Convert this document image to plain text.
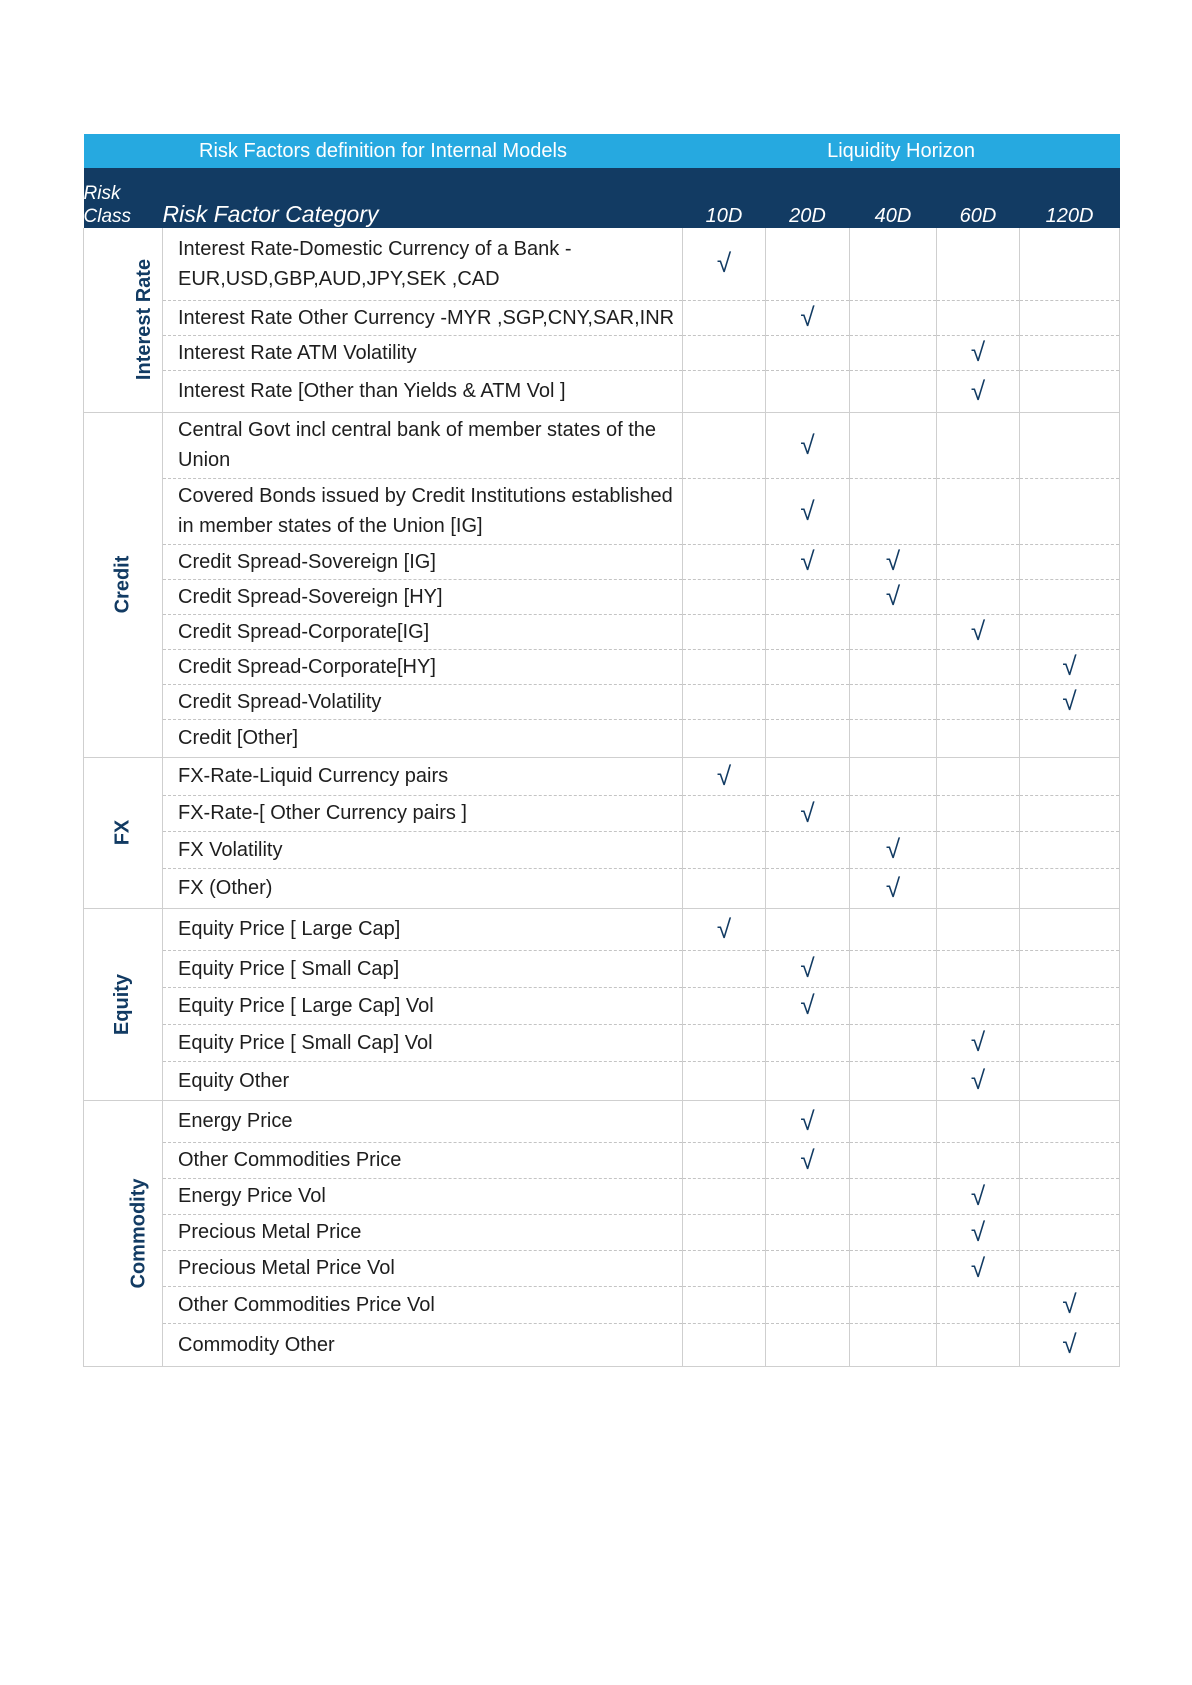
Risk Factors definition for Internal Models		Liquidity Horizon				
Risk
Class	Risk Factor Category	10D	20D	40D	60D	120D
Interest Rate	Interest Rate-Domestic Currency of a Bank - EUR,USD,GBP,AUD,JPY,SEK ,CAD	√				
	Interest Rate Other Currency -MYR ,SGP,CNY,SAR,INR		√			
	Interest Rate ATM Volatility				√	
	Interest Rate [Other than Yields & ATM Vol ]				√	
Credit	Central Govt incl central bank of member states of the Union		√			
	Covered Bonds issued by Credit Institutions established in member states of the Union [IG]		√			
	Credit Spread-Sovereign [IG]		√	√		
	Credit Spread-Sovereign [HY]			√		
	Credit Spread-Corporate[IG]				√	
	Credit Spread-Corporate[HY]					√
	Credit Spread-Volatility					√
	Credit [Other]					
FX	FX-Rate-Liquid Currency pairs	√				
	FX-Rate-[ Other Currency pairs ]		√			
	FX Volatility			√		
	FX (Other)			√		
Equity	Equity Price [ Large Cap]	√				
	Equity Price [ Small Cap]		√			
	Equity Price [ Large Cap] Vol		√			
	Equity Price [ Small Cap] Vol				√	
	Equity Other				√	
Commodity	Energy Price		√			
	Other Commodities Price		√			
	Energy Price Vol				√	
	Precious Metal Price				√	
	Precious Metal Price Vol				√	
	Other Commodities Price Vol					√
	Commodity Other					√
